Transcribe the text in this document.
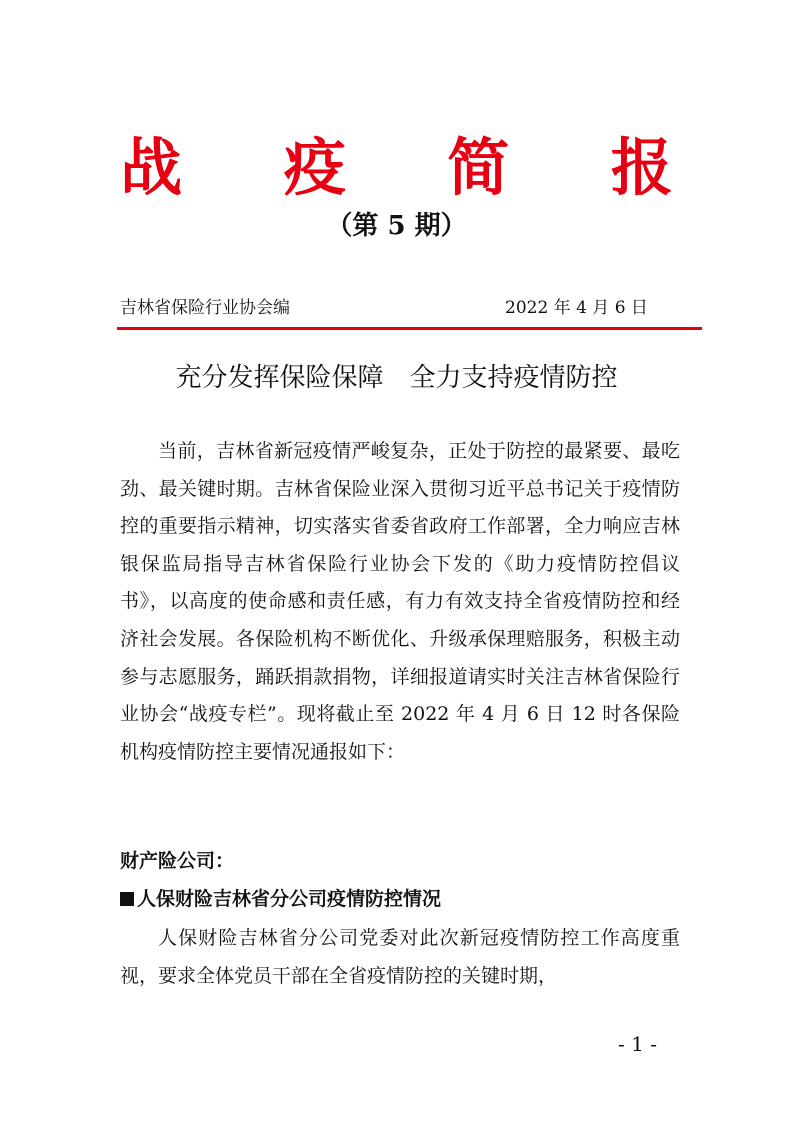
战 疫 简 报
（第 5 期）
吉林省保险行业协会编	2022 年 4 月 6 日
充分发挥保险保障　全力支持疫情防控

当前，吉林省新冠疫情严峻复杂，正处于防控的最紧要、最吃劲、最关键时期。吉林省保险业深入贯彻习近平总书记关于疫情防控的重要指示精神，切实落实省委省政府工作部署，全力响应吉林银保监局指导吉林省保险行业协会下发的《助力疫情防控倡议书》，以高度的使命感和责任感，有力有效支持全省疫情防控和经济社会发展。各保险机构不断优化、升级承保理赔服务，积极主动参与志愿服务，踊跃捐款捐物，详细报道请实时关注吉林省保险行业协会“战疫专栏”。现将截止至 2022 年 4 月 6 日 12 时各保险机构疫情防控主要情况通报如下：

财产险公司：
人保财险吉林省分公司疫情防控情况

人保财险吉林省分公司党委对此次新冠疫情防控工作高度重视，要求全体党员干部在全省疫情防控的关键时期，

- 1 -
